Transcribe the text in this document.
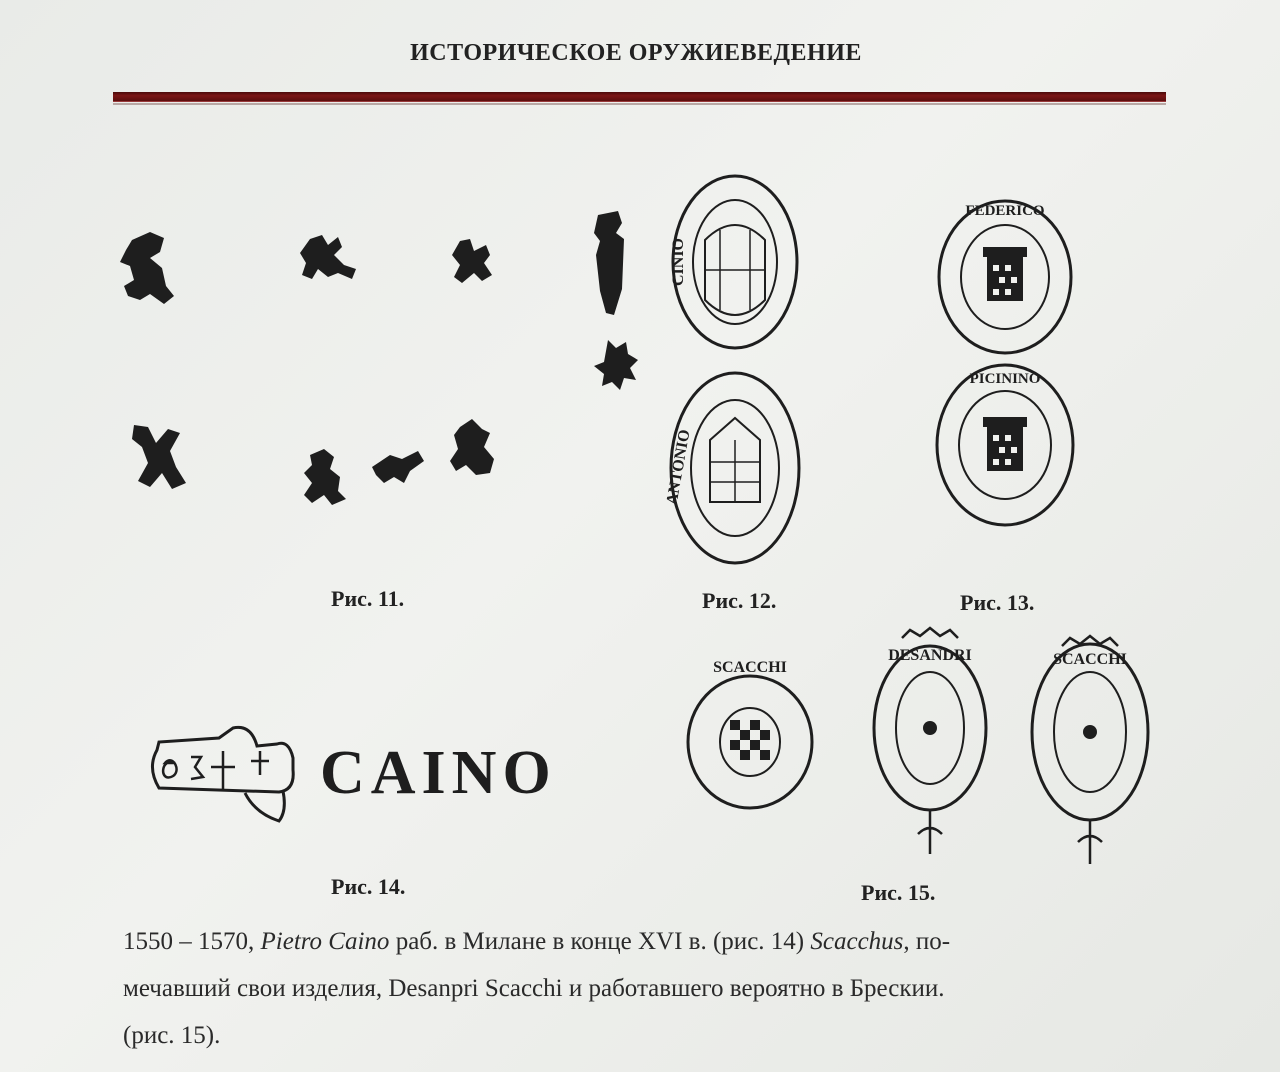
ИСТОРИЧЕСКОЕ ОРУЖИЕВЕДЕНИЕ
Рис. 11.
CINIO
ANTONIO
Рис. 12.
FEDERICO
PICININO
Рис. 13.
CAINO
Рис. 14.
SCACCHI
DESANDRI	SCACCHI
Рис. 15.

1550 – 1570, Pietro Caino раб. в Милане в конце XVI в. (рис. 14) Scacchus, по-

мечавший свои изделия, Desanpri Scacchi и работавшего вероятно в Брескии.

(рис. 15).
